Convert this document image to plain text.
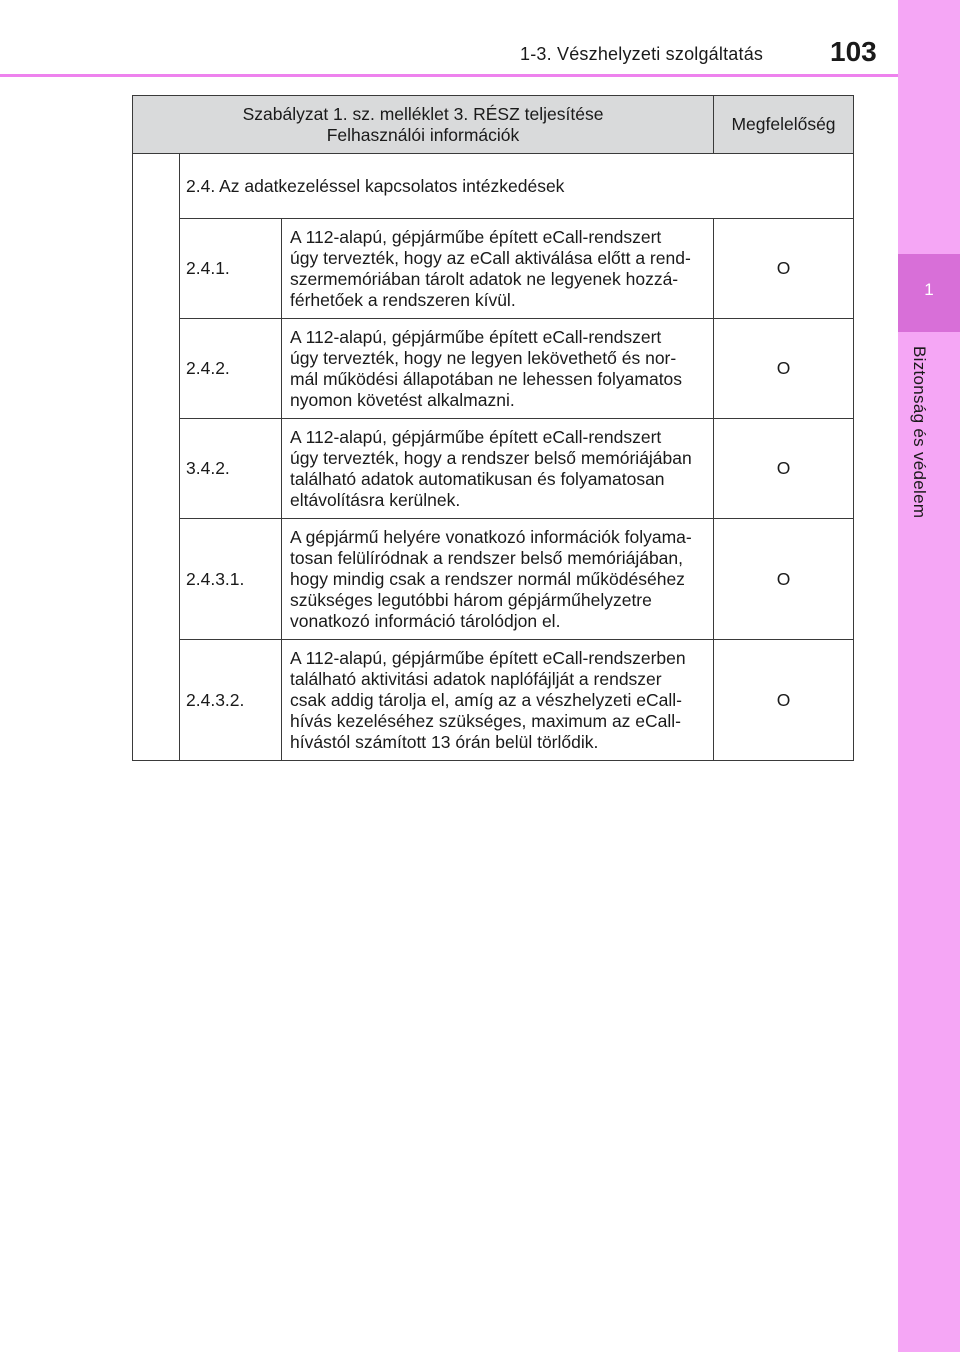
1-3. Vészhelyzeti szolgáltatás 103
1
Biztonság és védelem
Szabályzat 1. sz. melléklet 3. RÉSZ teljesítése
Felhasználói információk			Megfelelőség
	2.4. Az adatkezeléssel kapcsolatos intézkedések		
	2.4.1.	A 112-alapú, gépjárműbe épített eCall-rendszert
úgy tervezték, hogy az eCall aktiválása előtt a rend-
szermemóriában tárolt adatok ne legyenek hozzá-
férhetőek a rendszeren kívül.	O
	2.4.2.	A 112-alapú, gépjárműbe épített eCall-rendszert
úgy tervezték, hogy ne legyen lekövethető és nor-
mál működési állapotában ne lehessen folyamatos
nyomon követést alkalmazni.	O
	3.4.2.	A 112-alapú, gépjárműbe épített eCall-rendszert
úgy tervezték, hogy a rendszer belső memóriájában
található adatok automatikusan és folyamatosan
eltávolításra kerülnek.	O
	2.4.3.1.	A gépjármű helyére vonatkozó információk folyama-
tosan felülíródnak a rendszer belső memóriájában,
hogy mindig csak a rendszer normál működéséhez
szükséges legutóbbi három gépjárműhelyzetre
vonatkozó információ tárolódjon el.	O
	2.4.3.2.	A 112-alapú, gépjárműbe épített eCall-rendszerben
található aktivitási adatok naplófájlját a rendszer
csak addig tárolja el, amíg az a vészhelyzeti eCall-
hívás kezeléséhez szükséges, maximum az eCall-
hívástól számított 13 órán belül törlődik.	O
